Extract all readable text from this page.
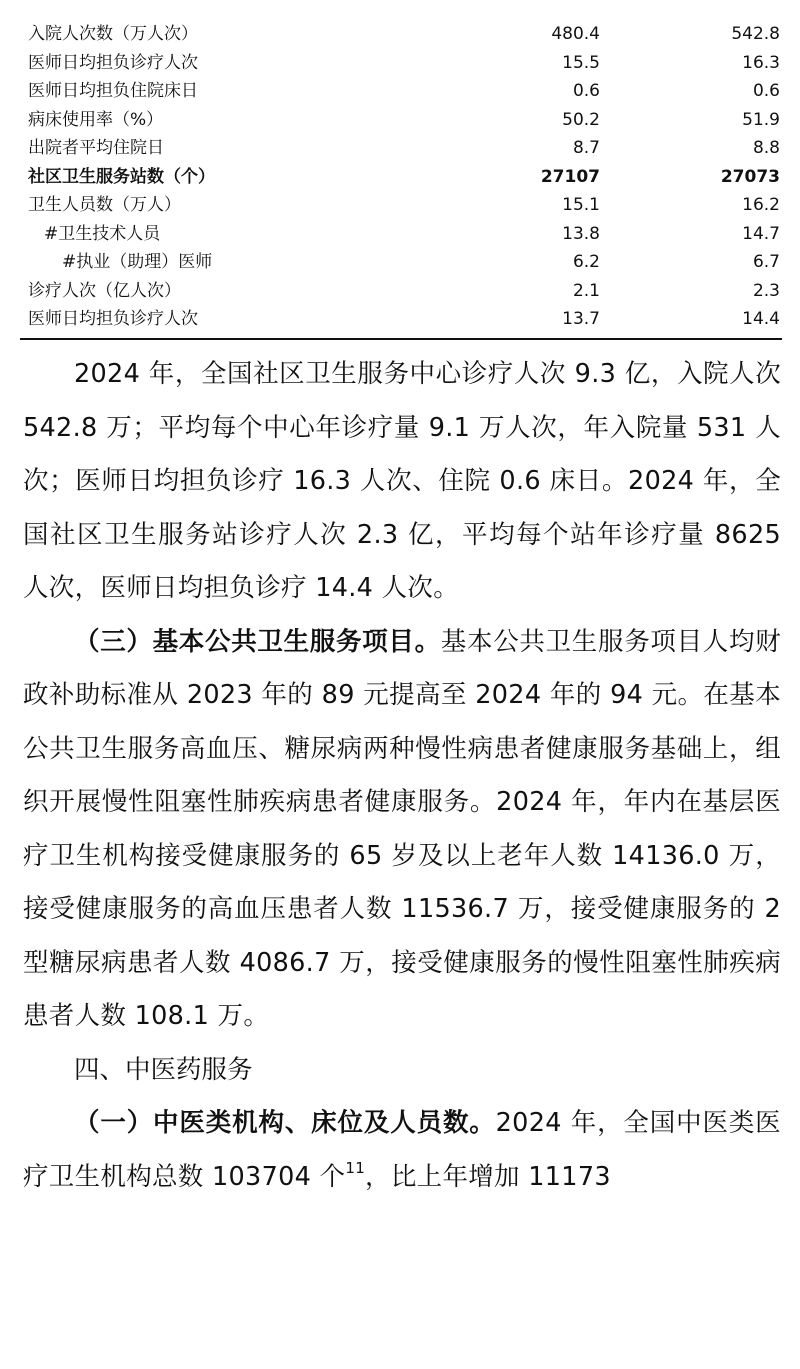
入院人次数（万人次）	480.4	542.8
医师日均担负诊疗人次	15.5	16.3
医师日均担负住院床日	0.6	0.6
病床使用率（%）	50.2	51.9
出院者平均住院日	8.7	8.8
社区卫生服务站数（个）	27107	27073
卫生人员数（万人）	15.1	16.2
#卫生技术人员	13.8	14.7
#执业（助理）医师	6.2	6.7
诊疗人次（亿人次）	2.1	2.3
医师日均担负诊疗人次	13.7	14.4

2024 年，全国社区卫生服务中心诊疗人次 9.3 亿，入院人次 542.8 万；平均每个中心年诊疗量 9.1 万人次，年入院量 531 人次；医师日均担负诊疗 16.3 人次、住院 0.6 床日。2024 年，全国社区卫生服务站诊疗人次 2.3 亿，平均每个站年诊疗量 8625 人次，医师日均担负诊疗 14.4 人次。

（三）基本公共卫生服务项目。基本公共卫生服务项目人均财政补助标准从 2023 年的 89 元提高至 2024 年的 94 元。在基本公共卫生服务高血压、糖尿病两种慢性病患者健康服务基础上，组织开展慢性阻塞性肺疾病患者健康服务。2024 年，年内在基层医疗卫生机构接受健康服务的 65 岁及以上老年人数 14136.0 万，接受健康服务的高血压患者人数 11536.7 万，接受健康服务的 2 型糖尿病患者人数 4086.7 万，接受健康服务的慢性阻塞性肺疾病患者人数 108.1 万。

四、中医药服务

（一）中医类机构、床位及人员数。2024 年，全国中医类医疗卫生机构总数 103704 个$^{11}$，比上年增加 11173
